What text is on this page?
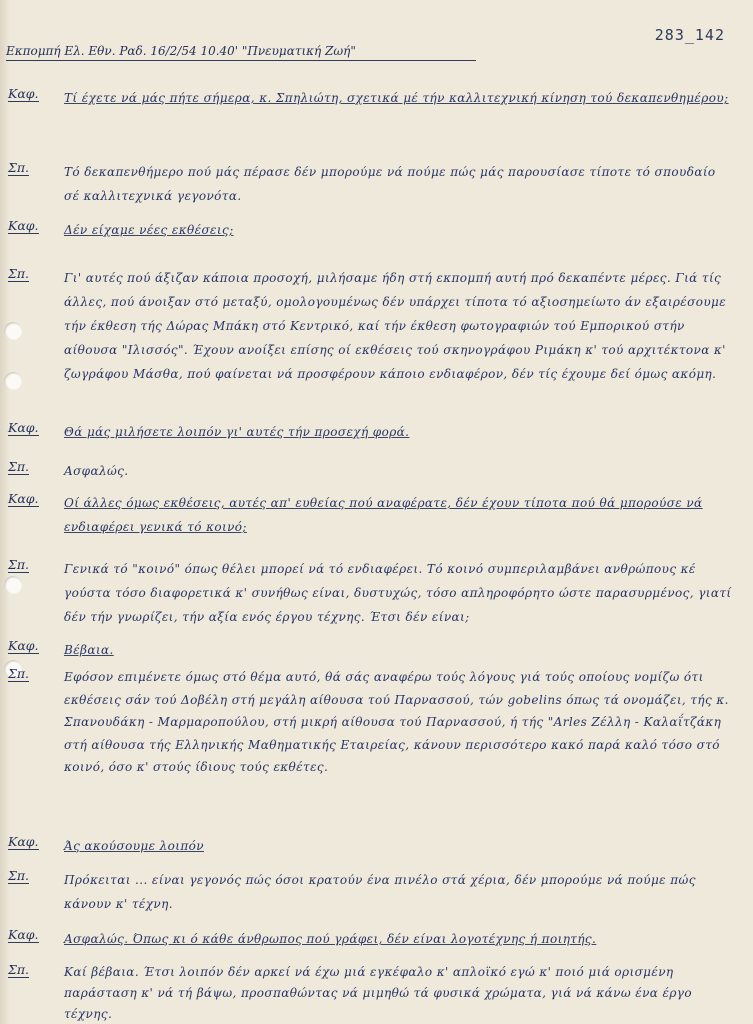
283_142
Εκπομπή Ελ. Εθν. Ραδ. 16/2/54 10.40' "Πνευματική Ζωή"
Καφ.	Τί έχετε νά μάς πήτε σήμερα, κ. Σπηλιώτη, σχετικά μέ τήν καλλιτεχνική κίνηση τού δεκαπενθημέρου;
Σπ.	Τό δεκαπενθήμερο πού μάς πέρασε δέν μπορούμε νά πούμε πώς μάς παρουσίασε τίποτε τό σπουδαίο σέ καλλιτεχνικά γεγονότα.
Καφ.	Δέν είχαμε νέες εκθέσεις;
Σπ.	Γι' αυτές πού άξιζαν κάποια προσοχή, μιλήσαμε ήδη στή εκπομπή αυτή πρό δεκαπέντε μέρες. Γιά τίς άλλες, πού άνοιξαν στό μεταξύ, ομολογουμένως δέν υπάρχει τίποτα τό αξιοσημείωτο άν εξαιρέσουμε τήν έκθεση τής Δώρας Μπάκη στό Κεντρικό, καί τήν έκθεση φωτογραφιών τού Εμπορικού στήν αίθουσα "Ιλισσός". Έχουν ανοίξει επίσης οί εκθέσεις τού σκηνογράφου Ριμάκη κ' τού αρχιτέκτονα κ' ζωγράφου Μάσθα, πού φαίνεται νά προσφέρουν κάποιο ενδιαφέρον, δέν τίς έχουμε δεί όμως ακόμη.
Καφ.	Θά μάς μιλήσετε λοιπόν γι' αυτές τήν προσεχή φορά.
Σπ.	Ασφαλώς.
Καφ.	Οί άλλες όμως εκθέσεις, αυτές απ' ευθείας πού αναφέρατε, δέν έχουν τίποτα πού θά μπορούσε νά ενδιαφέρει γενικά τό κοινό;
Σπ.	Γενικά τό "κοινό" όπως θέλει μπορεί νά τό ενδιαφέρει. Τό κοινό συμπεριλαμβάνει ανθρώπους κέ γούστα τόσο διαφορετικά κ' συνήθως είναι, δυστυχώς, τόσο απληροφόρητο ώστε παρασυρμένος, γιατί δέν τήν γνωρίζει, τήν αξία ενός έργου τέχνης. Έτσι δέν είναι;
Καφ.	Βέβαια.
Σπ.	Εφόσον επιμένετε όμως στό θέμα αυτό, θά σάς αναφέρω τούς λόγους γιά τούς οποίους νομίζω ότι εκθέσεις σάν τού Δοβέλη στή μεγάλη αίθουσα τού Παρνασσού, τών gobelins όπως τά ονομάζει, τής κ. Σπανουδάκη - Μαρμαροπούλου, στή μικρή αίθουσα τού Παρνασσού, ή τής "Arles Ζέλλη - Καλαΐτζάκη στή αίθουσα τής Ελληνικής Μαθηματικής Εταιρείας, κάνουν περισσότερο κακό παρά καλό τόσο στό κοινό, όσο κ' στούς ίδιους τούς εκθέτες.
Καφ.	Άς ακούσουμε λοιπόν
Σπ.	Πρόκειται ... είναι γεγονός πώς όσοι κρατούν ένα πινέλο στά χέρια, δέν μπορούμε νά πούμε πώς κάνουν κ' τέχνη.
Καφ.	Ασφαλώς. Όπως κι ό κάθε άνθρωπος πού γράφει, δέν είναι λογοτέχνης ή ποιητής.
Σπ.	Καί βέβαια. Έτσι λοιπόν δέν αρκεί νά έχω μιά εγκέφαλο κ' απλοϊκό εγώ κ' ποιό μιά ορισμένη παράσταση κ' νά τή βάψω, προσπαθώντας νά μιμηθώ τά φυσικά χρώματα, γιά νά κάνω ένα έργο τέχνης.
